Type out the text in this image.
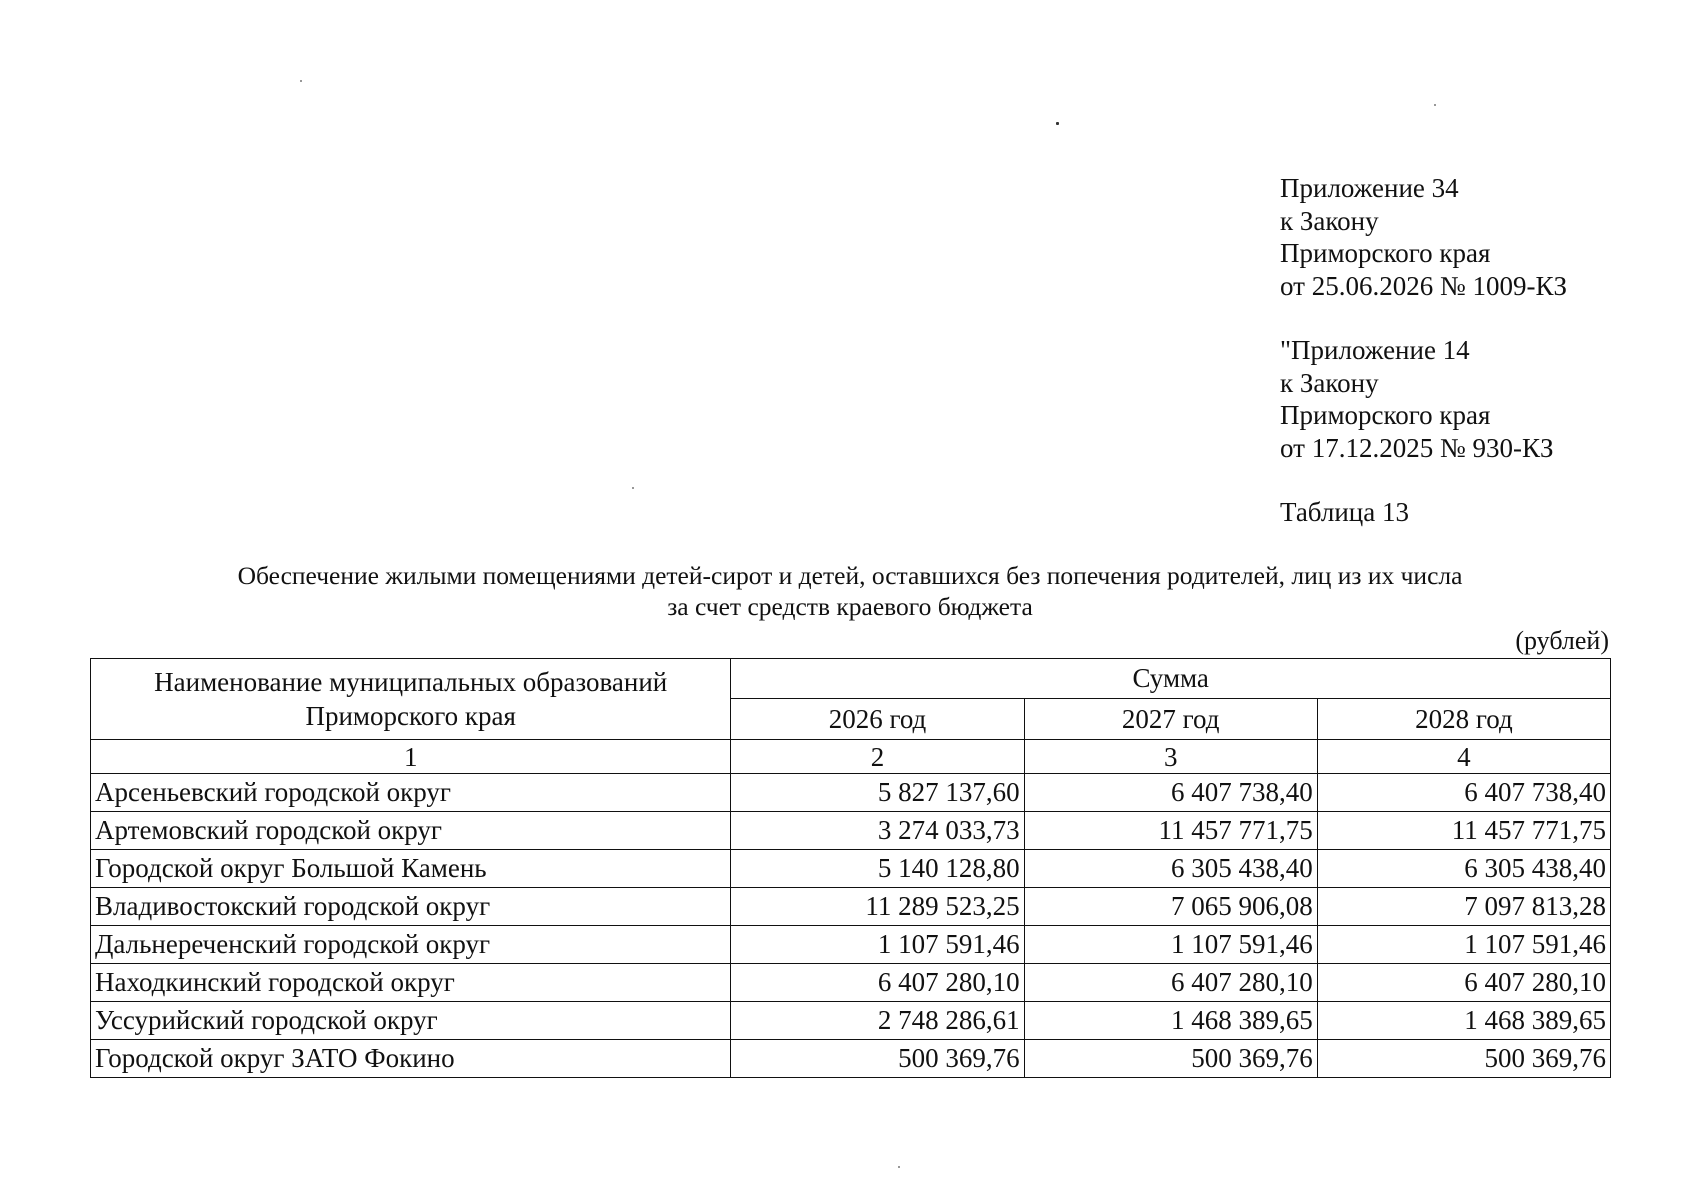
Приложение 34
к Закону
Приморского края
от 25.06.2026 № 1009-КЗ
"Приложение 14
к Закону
Приморского края
от 17.12.2025 № 930-КЗ
Таблица 13
Обеспечение жилыми помещениями детей-сирот и детей, оставшихся без попечения родителей, лиц из их числа
за счет средств краевого бюджета
(рублей)
Наименование муниципальных образований Приморского края	Сумма		
	2026 год	2027 год	2028 год
1	2	3	4
Арсеньевский городской округ	5 827 137,60	6 407 738,40	6 407 738,40
Артемовский городской округ	3 274 033,73	11 457 771,75	11 457 771,75
Городской округ Большой Камень	5 140 128,80	6 305 438,40	6 305 438,40
Владивостокский городской округ	11 289 523,25	7 065 906,08	7 097 813,28
Дальнереченский городской округ	1 107 591,46	1 107 591,46	1 107 591,46
Находкинский городской округ	6 407 280,10	6 407 280,10	6 407 280,10
Уссурийский городской округ	2 748 286,61	1 468 389,65	1 468 389,65
Городской округ ЗАТО Фокино	500 369,76	500 369,76	500 369,76
